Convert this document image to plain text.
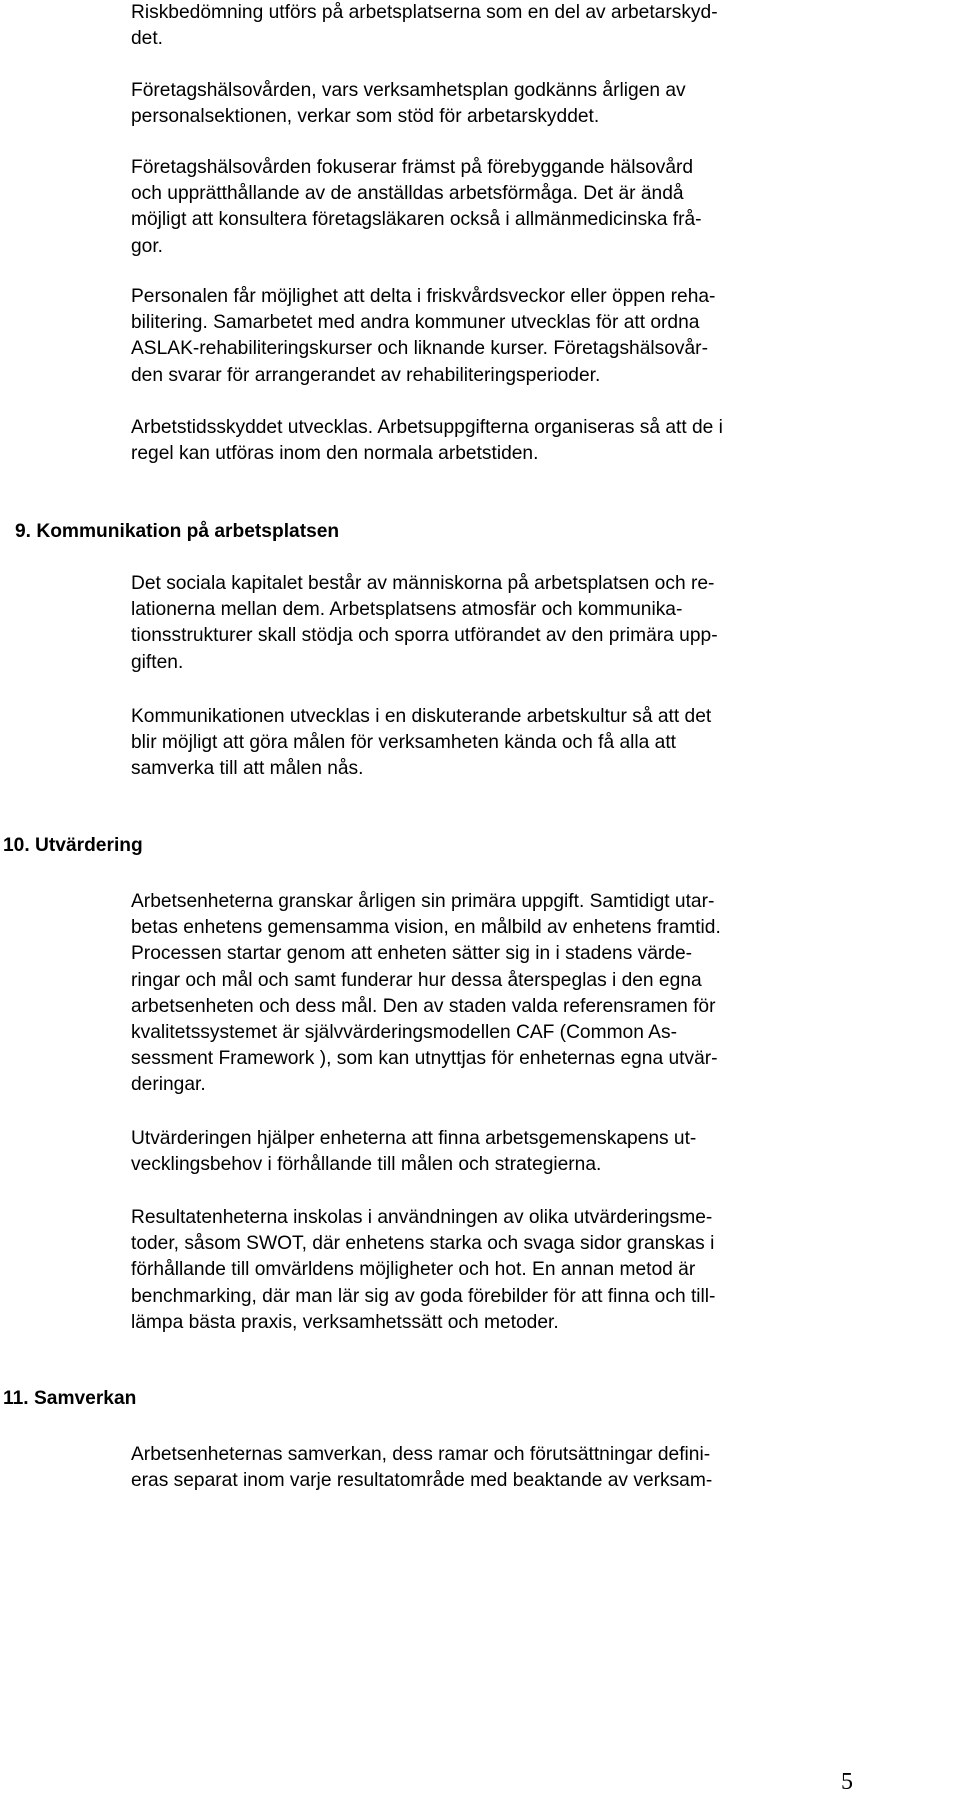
Riskbedömning utförs på arbetsplatserna som en del av arbetarskyd-
det.

Företagshälsovården, vars verksamhetsplan godkänns årligen av
personalsektionen, verkar som stöd för arbetarskyddet.

Företagshälsovården fokuserar främst på förebyggande hälsovård
och upprätthållande av de anställdas arbetsförmåga. Det är ändå
möjligt att konsultera företagsläkaren också i allmänmedicinska frå-
gor.

Personalen får möjlighet att delta i friskvårdsveckor eller öppen reha-
bilitering. Samarbetet med andra kommuner utvecklas för att ordna
ASLAK-rehabiliteringskurser och liknande kurser. Företagshälsovår-
den svarar för arrangerandet av rehabiliteringsperioder.

Arbetstidsskyddet utvecklas. Arbetsuppgifterna organiseras så att de i
regel kan utföras inom den normala arbetstiden.

9. Kommunikation på arbetsplatsen

Det sociala kapitalet består av människorna på arbetsplatsen och re-
lationerna mellan dem. Arbetsplatsens atmosfär och kommunika-
tionsstrukturer skall stödja och sporra utförandet av den primära upp-
giften.

Kommunikationen utvecklas i en diskuterande arbetskultur så att det
blir möjligt att göra målen för verksamheten kända och få alla att
samverka till att målen nås.

10. Utvärdering

Arbetsenheterna granskar årligen sin primära uppgift. Samtidigt utar-
betas enhetens gemensamma vision, en målbild av enhetens framtid.
Processen startar genom att enheten sätter sig in i stadens värde-
ringar och mål och samt funderar hur dessa återspeglas i den egna
arbetsenheten och dess mål. Den av staden valda referensramen för
kvalitetssystemet är självvärderingsmodellen CAF (Common As-
sessment Framework ), som kan utnyttjas för enheternas egna utvär-
deringar.

Utvärderingen hjälper enheterna att finna arbetsgemenskapens ut-
vecklingsbehov i förhållande till målen och strategierna.

Resultatenheterna inskolas i användningen av olika utvärderingsme-
toder, såsom SWOT, där enhetens starka och svaga sidor granskas i
förhållande till omvärldens möjligheter och hot. En annan metod är
benchmarking, där man lär sig av goda förebilder för att finna och till-
lämpa bästa praxis, verksamhetssätt och metoder.

11. Samverkan

Arbetsenheternas samverkan, dess ramar och förutsättningar defini-
eras separat inom varje resultatområde med beaktande av verksam-

5
